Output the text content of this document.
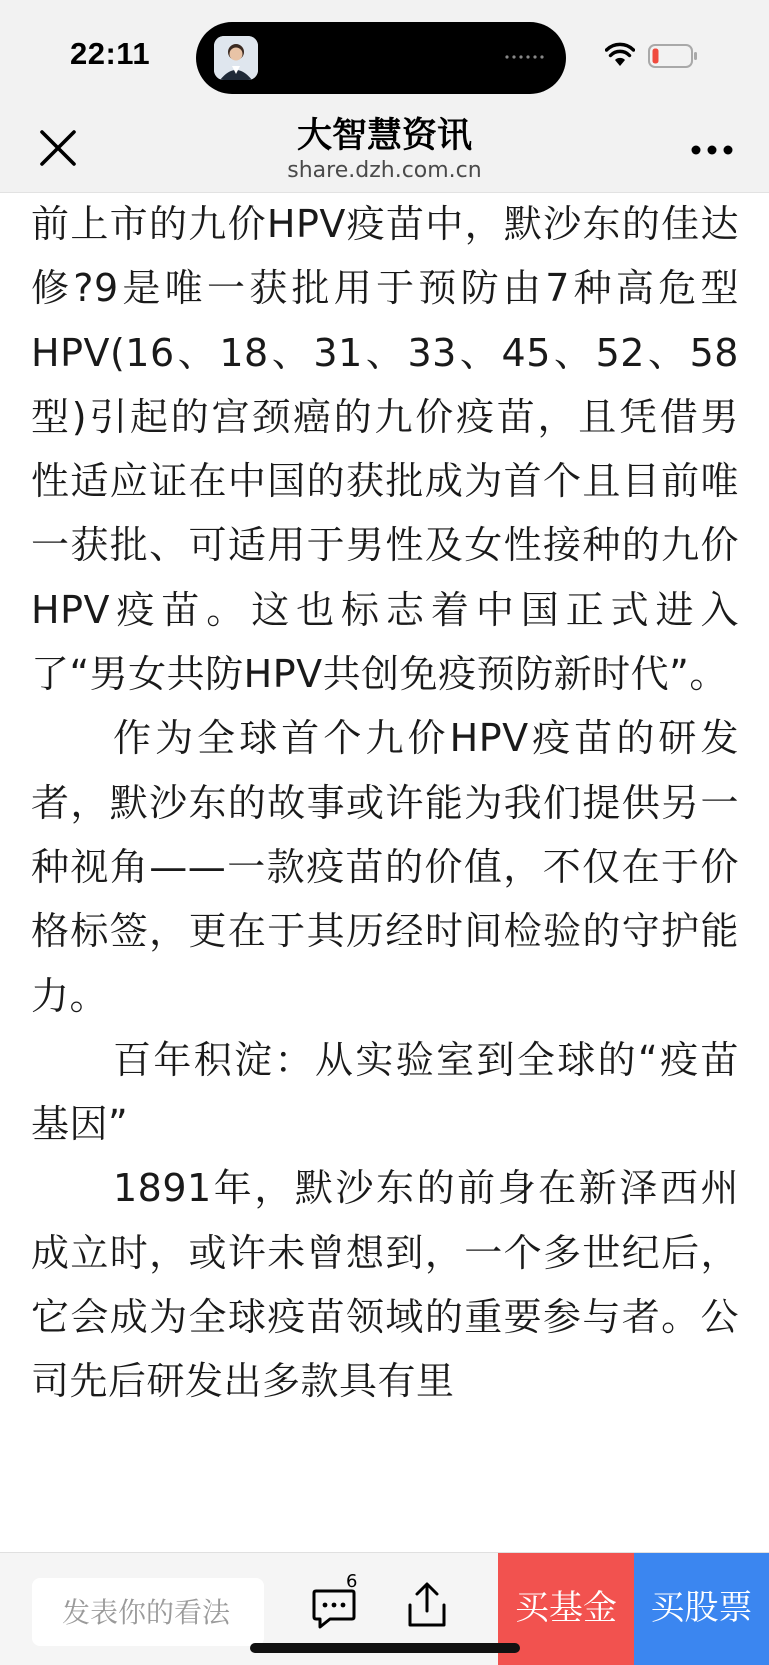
22:11
大智慧资讯
share.dzh.com.cn

前上市的九价HPV疫苗中，默沙东的佳达修?9是唯一获批用于预防由7种高危型HPV(16、18、31、33、45、52、58型)引起的宫颈癌的九价疫苗，且凭借男性适应证在中国的获批成为首个且目前唯一获批、可适用于男性及女性接种的九价HPV疫苗。这也标志着中国正式进入了“男女共防HPV共创免疫预防新时代”。

作为全球首个九价HPV疫苗的研发者，默沙东的故事或许能为我们提供另一种视角——一款疫苗的价值，不仅在于价格标签，更在于其历经时间检验的守护能力。

百年积淀：从实验室到全球的“疫苗基因”

1891年，默沙东的前身在新泽西州成立时，或许未曾想到，一个多世纪后，它会成为全球疫苗领域的重要参与者。公司先后研发出多款具有里

发表你的看法
6
买基金 买股票
